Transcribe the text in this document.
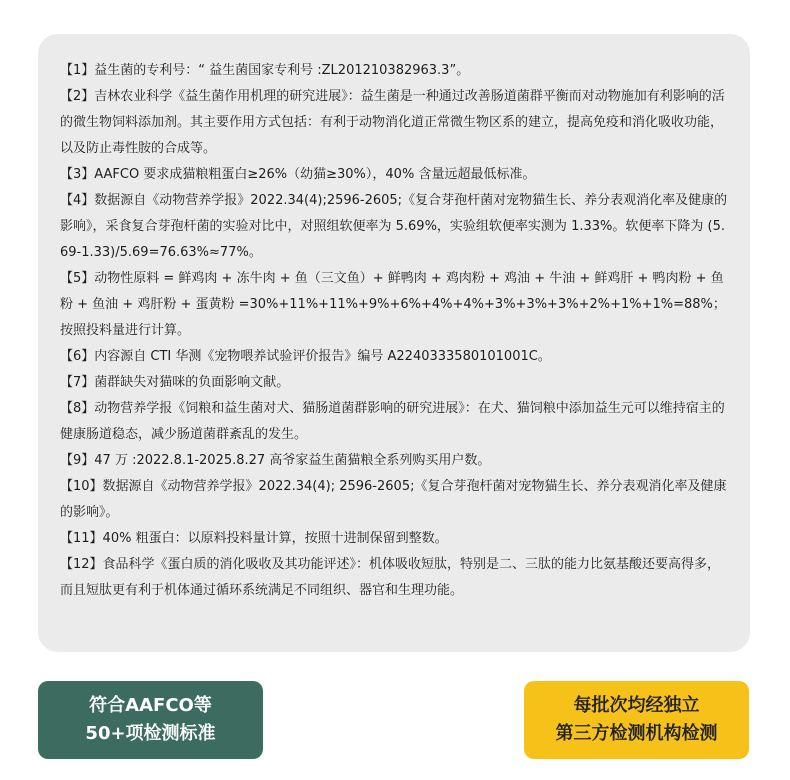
【1】益生菌的专利号：“ 益生菌国家专利号 :ZL201210382963.3”。
【2】吉林农业科学《益生菌作用机理的研究进展》：益生菌是一种通过改善肠道菌群平衡而对动物施加有利影响的活的微生物饲料添加剂。其主要作用方式包括：有利于动物消化道正常微生物区系的建立，提高免疫和消化吸收功能，以及防止毒性胺的合成等。
【3】AAFCO 要求成猫粮粗蛋白≥26%（幼猫≥30%），40% 含量远超最低标准。
【4】数据源自《动物营养学报》2022.34(4);2596-2605;《复合芽孢杆菌对宠物猫生长、养分表观消化率及健康的影响》，采食复合芽孢杆菌的实验对比中，对照组软便率为 5.69%，实验组软便率实测为 1.33%。软便率下降为 (5.69-1.33)/5.69=76.63%≈77%。
【5】动物性原料 = 鲜鸡肉 + 冻牛肉 + 鱼（三文鱼）+ 鲜鸭肉 + 鸡肉粉 + 鸡油 + 牛油 + 鲜鸡肝 + 鸭肉粉 + 鱼粉 + 鱼油 + 鸡肝粉 + 蛋黄粉 =30%+11%+11%+9%+6%+4%+4%+3%+3%+3%+2%+1%+1%=88%；按照投料量进行计算。
【6】内容源自 CTI 华测《宠物喂养试验评价报告》编号 A2240333580101001C。
【7】菌群缺失对猫咪的负面影响文献。
【8】动物营养学报《饲粮和益生菌对犬、猫肠道菌群影响的研究进展》：在犬、猫饲粮中添加益生元可以维持宿主的健康肠道稳态，减少肠道菌群紊乱的发生。
【9】47 万 :2022.8.1-2025.8.27 高爷家益生菌猫粮全系列购买用户数。
【10】数据源自《动物营养学报》2022.34(4); 2596-2605;《复合芽孢杆菌对宠物猫生长、养分表观消化率及健康的影响》。
【11】40% 粗蛋白：以原料投料量计算，按照十进制保留到整数。
【12】食品科学《蛋白质的消化吸收及其功能评述》：机体吸收短肽，特别是二、三肽的能力比氨基酸还要高得多，而且短肽更有利于机体通过循环系统满足不同组织、器官和生理功能。
符合AAFCO等
50+项检测标准
每批次均经独立
第三方检测机构检测
